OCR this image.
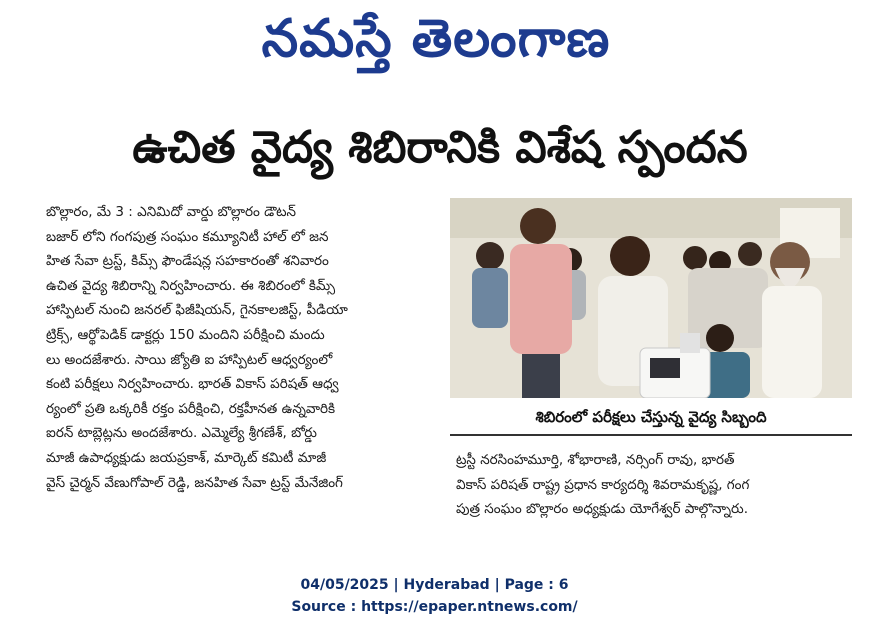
నమస్తే తెలంగాణ
ఉచిత వైద్య శిబిరానికి విశేష స్పందన
బొల్లారం, మే 3 : ఎనిమిదో వార్డు బొల్లారం డౌటన్
బజార్ లోని గంగపుత్ర సంఘం కమ్యూనిటీ హాల్ లో జన
హిత సేవా ట్రస్ట్, కిమ్స్ ఫౌండేషన్ల సహకారంతో శనివారం
ఉచిత వైద్య శిబిరాన్ని నిర్వహించారు. ఈ శిబిరంలో కిమ్స్
హాస్పిటల్ నుంచి జనరల్ ఫిజీషియన్, గైనకాలజిస్ట్, పీడియా
ట్రిక్స్, ఆర్థోపెడిక్ డాక్టర్లు 150 మందిని పరీక్షించి మందు
లు అందజేశారు. సాయి జ్యోతి ఐ హాస్పిటల్ ఆధ్వర్యంలో
కంటి పరీక్షలు నిర్వహించారు. భారత్ వికాస్ పరిషత్ ఆధ్వ
ర్యంలో ప్రతి ఒక్కరికీ రక్తం పరీక్షించి, రక్తహీనత ఉన్నవారికి
ఐరన్ టాబ్లెట్లను అందజేశారు. ఎమ్మెల్యే శ్రీగణేశ్, బోర్డు
మాజీ ఉపాధ్యక్షుడు జయప్రకాశ్, మార్కెట్ కమిటీ మాజీ
వైస్ చైర్మన్ వేణుగోపాల్ రెడ్డి, జనహిత సేవా ట్రస్ట్ మేనేజింగ్
శిబిరంలో పరీక్షలు చేస్తున్న వైద్య సిబ్బంది
ట్రస్టీ నరసింహమూర్తి, శోభారాణి, నర్సింగ్ రావు, భారత్
వికాస్ పరిషత్ రాష్ట్ర ప్రధాన కార్యదర్శి శివరామకృష్ణ, గంగ
పుత్ర సంఘం బొల్లారం అధ్యక్షుడు యోగేశ్వర్ పాల్గొన్నారు.
04/05/2025 | Hyderabad | Page : 6
Source : https://epaper.ntnews.com/
